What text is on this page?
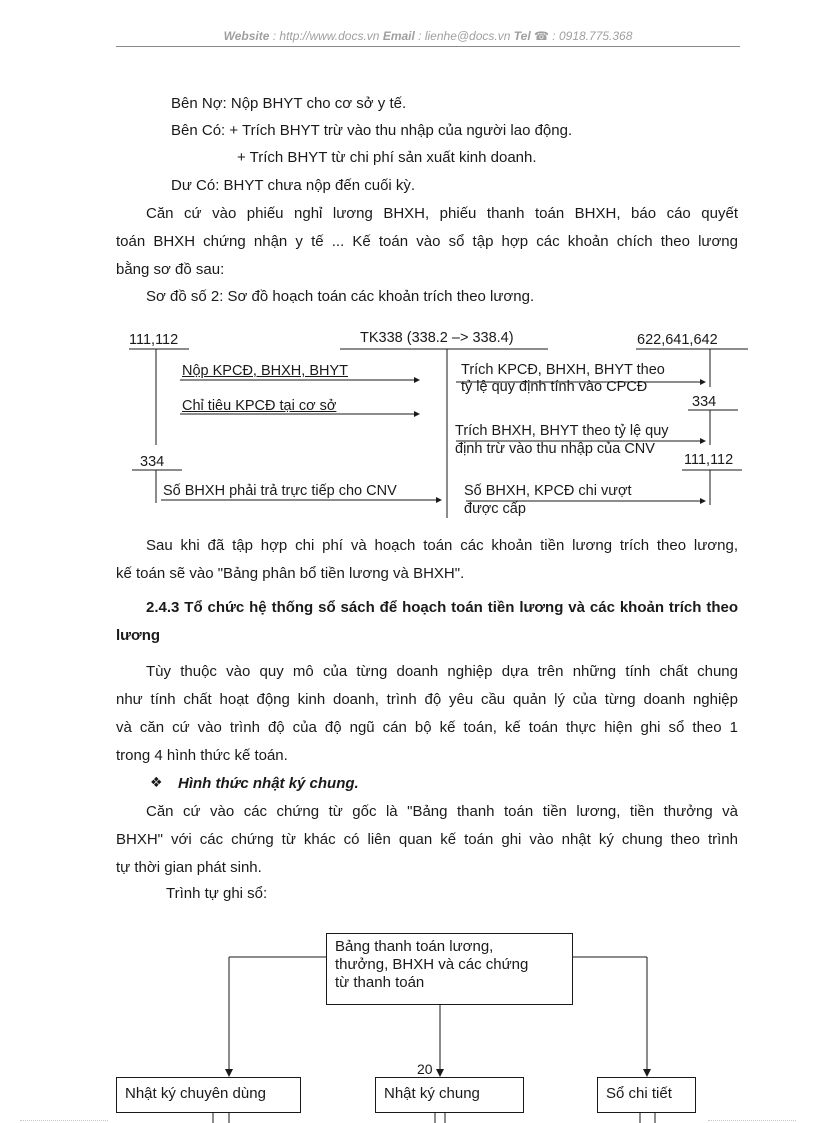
Website : http://www.docs.vn Email : lienhe@docs.vn Tel ☎ : 0918.775.368
Bên Nợ: Nộp BHYT cho cơ sở y tế.
Bên Có: + Trích BHYT trừ vào thu nhập của người lao động.
+ Trích BHYT từ chi phí sản xuất kinh doanh.
Dư Có: BHYT chưa nộp đến cuối kỳ.
Căn cứ vào phiếu nghỉ lương BHXH, phiếu thanh toán BHXH, báo cáo quyết
toán BHXH chứng nhận y tế ... Kế toán vào sổ tập hợp các khoản chích theo lương
bằng sơ đồ sau:
Sơ đồ số 2: Sơ đồ hoạch toán các khoản trích theo lương.
111,112	TK338 (338.2 –> 338.4)	622,641,642
Nộp KPCĐ, BHXH, BHYT
Chỉ tiêu KPCĐ tại cơ sở
334
Số BHXH phải trả trực tiếp cho CNV
Trích KPCĐ, BHXH, BHYT theo
tỷ lệ quy định tính vào CPCĐ
334
Trích BHXH, BHYT theo tỷ lệ quy
định trừ vào thu nhập của CNV
111,112
Số BHXH, KPCĐ chi vượt
được cấp
Sau khi đã tập hợp chi phí và hoạch toán các khoản tiền lương trích theo lương,
kế toán sẽ vào "Bảng phân bổ tiền lương và BHXH".
2.4.3 Tổ chức hệ thống sổ sách để hoạch toán tiền lương và các khoản trích theo
lương
Tùy thuộc vào quy mô của từng doanh nghiệp dựa trên những tính chất chung
như tính chất hoạt động kinh doanh, trình độ yêu cầu quản lý của từng doanh nghiệp
và căn cứ vào trình độ của độ ngũ cán bộ kế toán, kế toán thực hiện ghi sổ theo 1
trong 4 hình thức kế toán.
❖ Hình thức nhật ký chung.
Căn cứ vào các chứng từ gốc là "Bảng thanh toán tiền lương, tiền thưởng và
BHXH" với các chứng từ khác có liên quan kế toán ghi vào nhật ký chung theo trình
tự thời gian phát sinh.
Trình tự ghi sổ:
Bảng thanh toán lương,
thưởng, BHXH và các chứng
từ thanh toán
Nhật ký chuyên dùng	Nhật ký chung	Sổ chi tiết
20
